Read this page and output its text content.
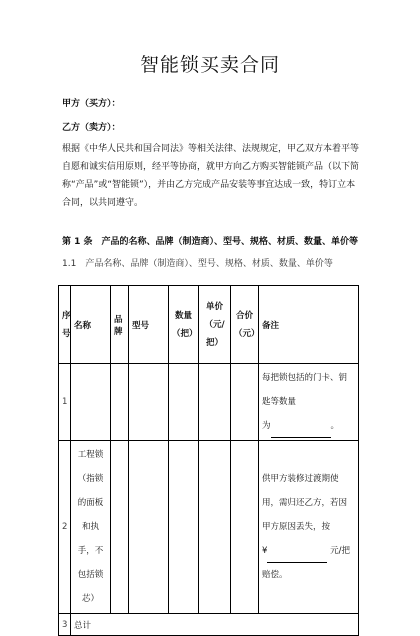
智能锁买卖合同
甲方（买方）：
乙方（卖方）：
根据《中华人民共和国合同法》等相关法律、法规规定，甲乙双方本着平等自愿和诚实信用原则，经平等协商，就甲方向乙方购买智能锁产品（以下简称“产品”或“智能锁”），并由乙方完成产品安装等事宜达成一致，特订立本合同，以共同遵守。
第 1 条　产品的名称、品牌（制造商）、型号、规格、材质、数量、单价等
1.1　产品名称、品牌（制造商）、型号、规格、材质、数量、单价等
序号	名称	品牌	型号	数量（把）	单价（元/把）	合价（元）	备注
1							每把锁包括的门卡、钥匙等数量
为 。
2	工程锁（指锁的面板和执手，不包括锁芯）						供甲方装修过渡期使用，需归还乙方，若因甲方原因丢失，按
¥ 元/把赔偿。
3	总计						
